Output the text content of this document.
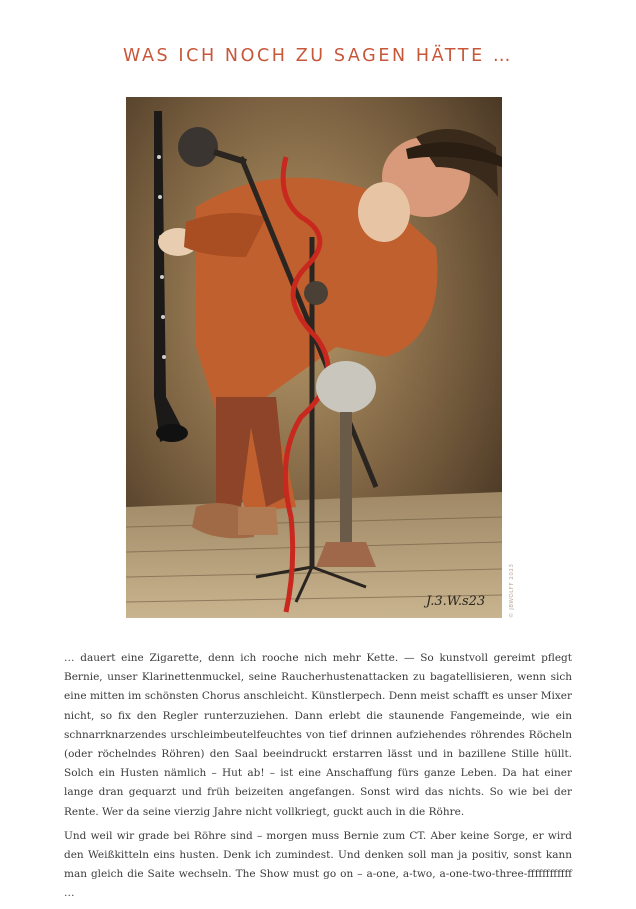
WAS ICH NOCH ZU SAGEN HÄTTE …
J.3.W.s23	© JBWOLFF 2023

… dauert eine Zigarette, denn ich rooche nich mehr Kette. — So kunstvoll gereimt pflegt Bernie, unser Klarinettenmuckel, seine Raucherhustenattacken zu bagatellisieren, wenn sich eine mitten im schönsten Chorus anschleicht. Künstlerpech. Denn meist schafft es unser Mixer nicht, so fix den Regler runterzuziehen. Dann erlebt die staunende Fangemeinde, wie ein schnarrknarzendes urschleimbeutelfeuchtes von tief drinnen aufziehendes röhrendes Röcheln (oder röchelndes Röhren) den Saal beeindruckt erstarren lässt und in bazillene Stille hüllt. Solch ein Husten nämlich – Hut ab! – ist eine Anschaffung fürs ganze Leben. Da hat einer lange dran gequarzt und früh beizeiten angefangen. Sonst wird das nichts. So wie bei der Rente. Wer da seine vierzig Jahre nicht vollkriegt, guckt auch in die Röhre.

Und weil wir grade bei Röhre sind – morgen muss Bernie zum CT. Aber keine Sorge, er wird den Weißkitteln eins husten. Denk ich zumindest. Und denken soll man ja positiv, sonst kann man gleich die Saite wechseln. The Show must go on – a-one, a-two, a-one-two-three-ffffffffffff …
